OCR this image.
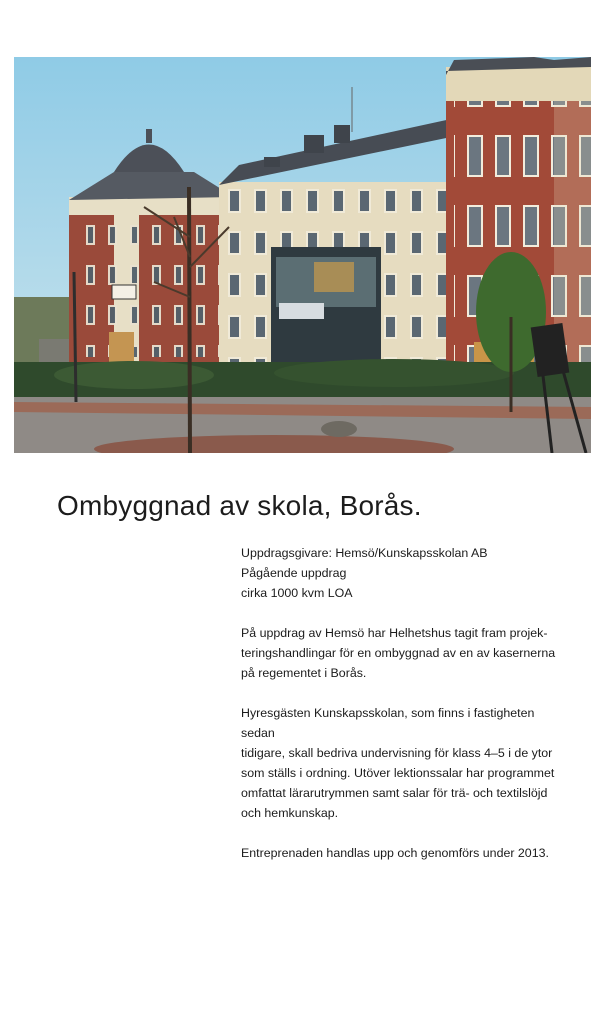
Ombyggnad av skola, Borås.
Uppdragsgivare: Hemsö/Kunskapsskolan AB
Pågående uppdrag
cirka 1000 kvm LOA

På uppdrag av Hemsö har Helhetshus tagit fram projek-
teringshandlingar för en ombyggnad av en av kasernerna
på regementet i Borås.

Hyresgästen Kunskapsskolan, som finns i fastigheten sedan
tidigare, skall bedriva undervisning för klass 4–5 i de ytor
som ställs i ordning. Utöver lektionssalar har programmet
omfattat lärarutrymmen samt salar för trä- och textilslöjd
och hemkunskap.

Entreprenaden handlas upp och genomförs under 2013.
